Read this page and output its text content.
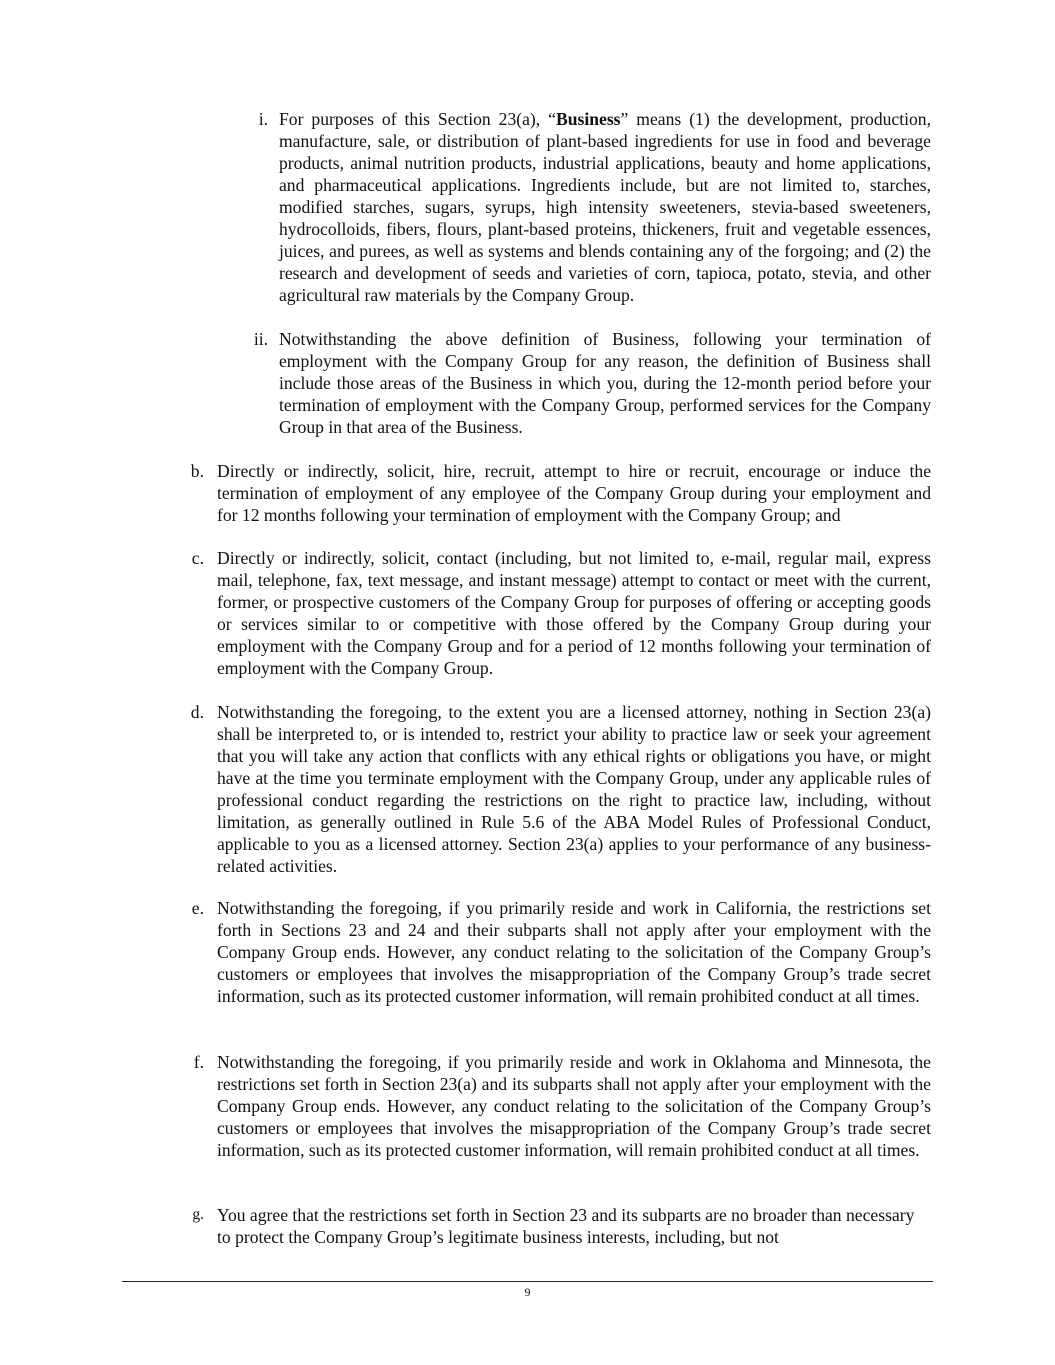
i. For purposes of this Section 23(a), “Business” means (1) the development, production, manufacture, sale, or distribution of plant-based ingredients for use in food and beverage products, animal nutrition products, industrial applications, beauty and home applications, and pharmaceutical applications. Ingredients include, but are not limited to, starches, modified starches, sugars, syrups, high intensity sweeteners, stevia-based sweeteners, hydrocolloids, fibers, flours, plant-based proteins, thickeners, fruit and vegetable essences, juices, and purees, as well as systems and blends containing any of the forgoing; and (2) the research and development of seeds and varieties of corn, tapioca, potato, stevia, and other agricultural raw materials by the Company Group.
ii. Notwithstanding the above definition of Business, following your termination of employment with the Company Group for any reason, the definition of Business shall include those areas of the Business in which you, during the 12-month period before your termination of employment with the Company Group, performed services for the Company Group in that area of the Business.
b. Directly or indirectly, solicit, hire, recruit, attempt to hire or recruit, encourage or induce the termination of employment of any employee of the Company Group during your employment and for 12 months following your termination of employment with the Company Group; and
c. Directly or indirectly, solicit, contact (including, but not limited to, e-mail, regular mail, express mail, telephone, fax, text message, and instant message) attempt to contact or meet with the current, former, or prospective customers of the Company Group for purposes of offering or accepting goods or services similar to or competitive with those offered by the Company Group during your employment with the Company Group and for a period of 12 months following your termination of employment with the Company Group.
d. Notwithstanding the foregoing, to the extent you are a licensed attorney, nothing in Section 23(a) shall be interpreted to, or is intended to, restrict your ability to practice law or seek your agreement that you will take any action that conflicts with any ethical rights or obligations you have, or might have at the time you terminate employment with the Company Group, under any applicable rules of professional conduct regarding the restrictions on the right to practice law, including, without limitation, as generally outlined in Rule 5.6 of the ABA Model Rules of Professional Conduct, applicable to you as a licensed attorney. Section 23(a) applies to your performance of any business-related activities.
e. Notwithstanding the foregoing, if you primarily reside and work in California, the restrictions set forth in Sections 23 and 24 and their subparts shall not apply after your employment with the Company Group ends. However, any conduct relating to the solicitation of the Company Group’s customers or employees that involves the misappropriation of the Company Group’s trade secret information, such as its protected customer information, will remain prohibited conduct at all times.
f. Notwithstanding the foregoing, if you primarily reside and work in Oklahoma and Minnesota, the restrictions set forth in Section 23(a) and its subparts shall not apply after your employment with the Company Group ends. However, any conduct relating to the solicitation of the Company Group’s customers or employees that involves the misappropriation of the Company Group’s trade secret information, such as its protected customer information, will remain prohibited conduct at all times.
g. You agree that the restrictions set forth in Section 23 and its subparts are no broader than necessary to protect the Company Group’s legitimate business interests, including, but not
9
